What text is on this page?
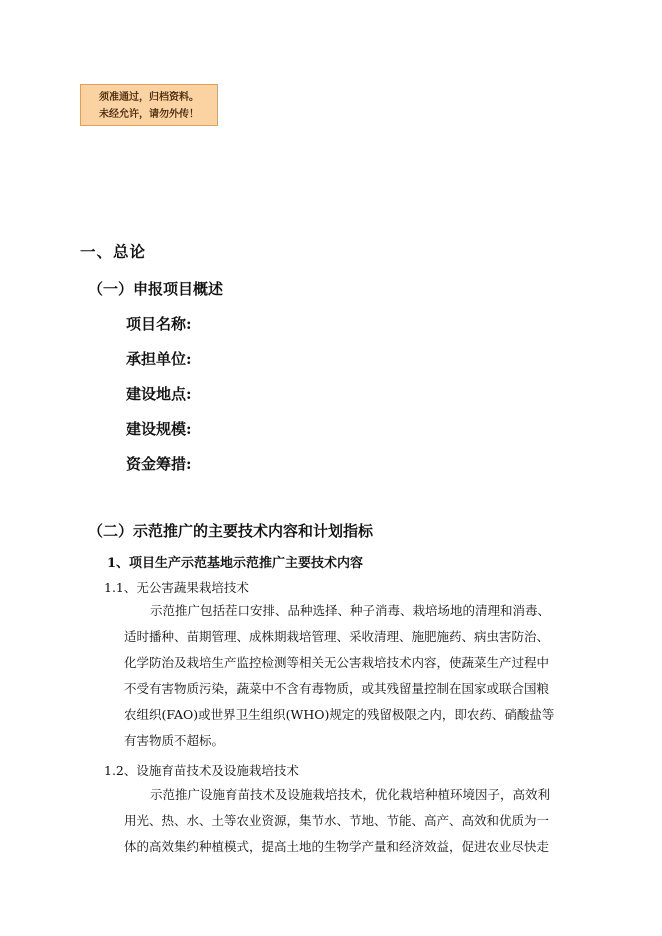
须准通过，归档资料。
未经允许，请勿外传！
一、总论
（一）申报项目概述
项目名称:
承担单位:
建设地点:
建设规模:
资金筹措:
（二）示范推广的主要技术内容和计划指标
1、项目生产示范基地示范推广主要技术内容
1.1、无公害蔬果栽培技术
示范推广包括茬口安排、品种选择、种子消毒、栽培场地的清理和消毒、
适时播种、苗期管理、成株期栽培管理、采收清理、施肥施药、病虫害防治、
化学防治及栽培生产监控检测等相关无公害栽培技术内容，使蔬菜生产过程中
不受有害物质污染，蔬菜中不含有毒物质，或其残留量控制在国家或联合国粮
农组织(FAO)或世界卫生组织(WHO)规定的残留极限之内，即农药、硝酸盐等
有害物质不超标。
1.2、设施育苗技术及设施栽培技术
示范推广设施育苗技术及设施栽培技术，优化栽培种植环境因子，高效利
用光、热、水、土等农业资源，集节水、节地、节能、高产、高效和优质为一
体的高效集约种植模式，提高土地的生物学产量和经济效益，促进农业尽快走
